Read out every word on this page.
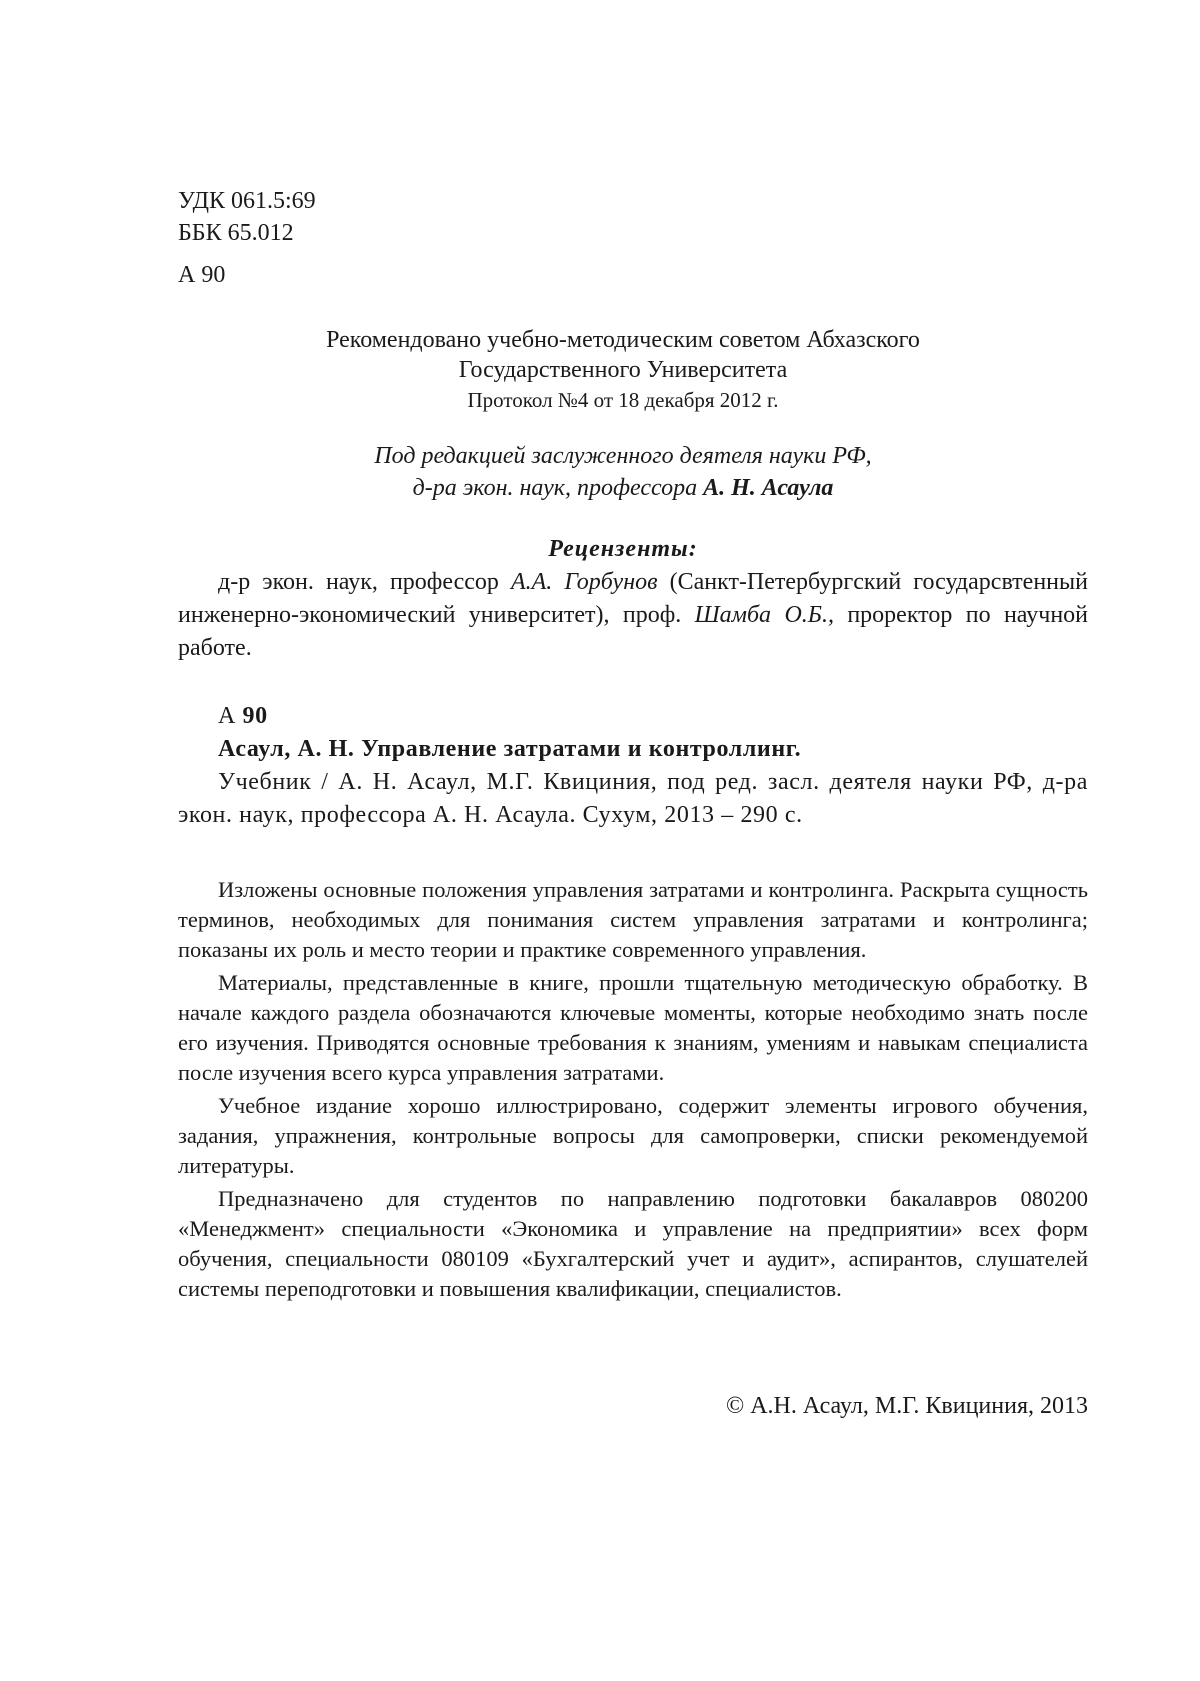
УДК 061.5:69
ББК 65.012
А 90
Рекомендовано учебно-методическим советом Абхазского
Государственного Университета
Протокол №4 от 18 декабря 2012 г.
Под редакцией заслуженного деятеля науки РФ,
д-ра экон. наук, профессора А. Н. Асаула
Рецензенты:
д-р экон. наук, профессор А.А. Горбунов (Санкт-Петербургский государсвтенный инженерно-экономический университет), проф. Шамба О.Б., проректор по научной работе.

А 90

Асаул, А. Н. Управление затратами и контроллинг.

Учебник / А. Н. Асаул, М.Г. Квициния, под ред. засл. деятеля науки РФ, д-ра экон. наук, профессора А. Н. Асаула. Сухум, 2013 – 290 с.

Изложены основные положения управления затратами и контролинга. Раскрыта сущность терминов, необходимых для понимания систем управления затратами и контролинга; показаны их роль и место теории и практике современного управления.

Материалы, представленные в книге, прошли тщательную методическую обработку. В начале каждого раздела обозначаются ключевые моменты, которые необходимо знать после его изучения. Приводятся основные требования к знаниям, умениям и навыкам специалиста после изучения всего курса управления затратами.

Учебное издание хорошо иллюстрировано, содержит элементы игрового обучения, задания, упражнения, контрольные вопросы для самопроверки, списки рекомендуемой литературы.

Предназначено для студентов по направлению подготовки бакалавров 080200 «Менеджмент» специальности «Экономика и управление на предприятии» всех форм обучения, специальности 080109 «Бухгалтерский учет и аудит», аспирантов, слушателей системы переподготовки и повышения квалификации, специалистов.

© А.Н. Асаул, М.Г. Квициния, 2013
